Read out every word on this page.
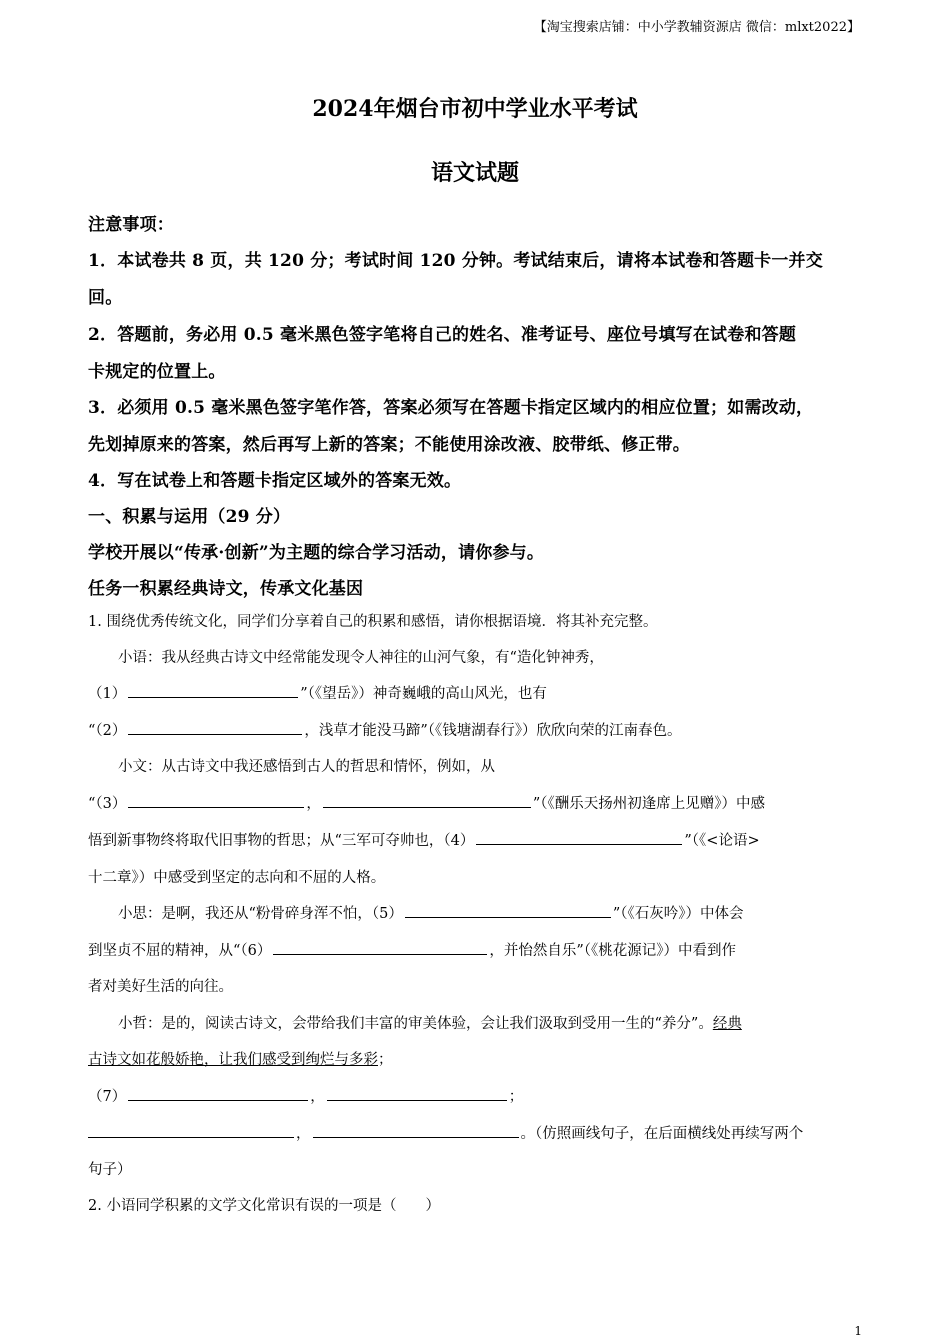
【淘宝搜索店铺：中小学教辅资源店 微信：mlxt2022】
2024年烟台市初中学业水平考试
语文试题
注意事项：
1．本试卷共 8 页，共 120 分；考试时间 120 分钟。考试结束后，请将本试卷和答题卡一并交
回。
2．答题前，务必用 0.5 毫米黑色签字笔将自己的姓名、准考证号、座位号填写在试卷和答题
卡规定的位置上。
3．必须用 0.5 毫米黑色签字笔作答，答案必须写在答题卡指定区域内的相应位置；如需改动，
先划掉原来的答案，然后再写上新的答案；不能使用涂改液、胶带纸、修正带。
4．写在试卷上和答题卡指定区域外的答案无效。
一、积累与运用（29 分）
学校开展以“传承·创新”为主题的综合学习活动，请你参与。
任务一积累经典诗文，传承文化基因
1. 围绕优秀传统文化，同学们分享着自己的积累和感悟，请你根据语境．将其补充完整。
小语：我从经典古诗文中经常能发现令人神往的山河气象，有“造化钟神秀，
（1）	”（《望岳》）神奇巍峨的高山风光，也有
“（2）	，浅草才能没马蹄”（《钱塘湖春行》）欣欣向荣的江南春色。
小文：从古诗文中我还感悟到古人的哲思和情怀，例如，从
“（3）	，	”（《酬乐天扬州初逢席上见赠》）中感
悟到新事物终将取代旧事物的哲思；从“三军可夺帅也，（4）	”（《<论语>
十二章》）中感受到坚定的志向和不屈的人格。
小思：是啊，我还从“粉骨碎身浑不怕，（5）	”（《石灰吟》）中体会
到坚贞不屈的精神，从“（6）	，并怡然自乐”（《桃花源记》）中看到作
者对美好生活的向往。
小哲：是的，阅读古诗文，会带给我们丰富的审美体验，会让我们汲取到受用一生的“养分”。经典
古诗文如花般娇艳，让我们感受到绚烂与多彩；
（7）	，	；
，	。（仿照画线句子，在后面横线处再续写两个
句子）
2. 小语同学积累的文学文化常识有误的一项是（　　）
1
